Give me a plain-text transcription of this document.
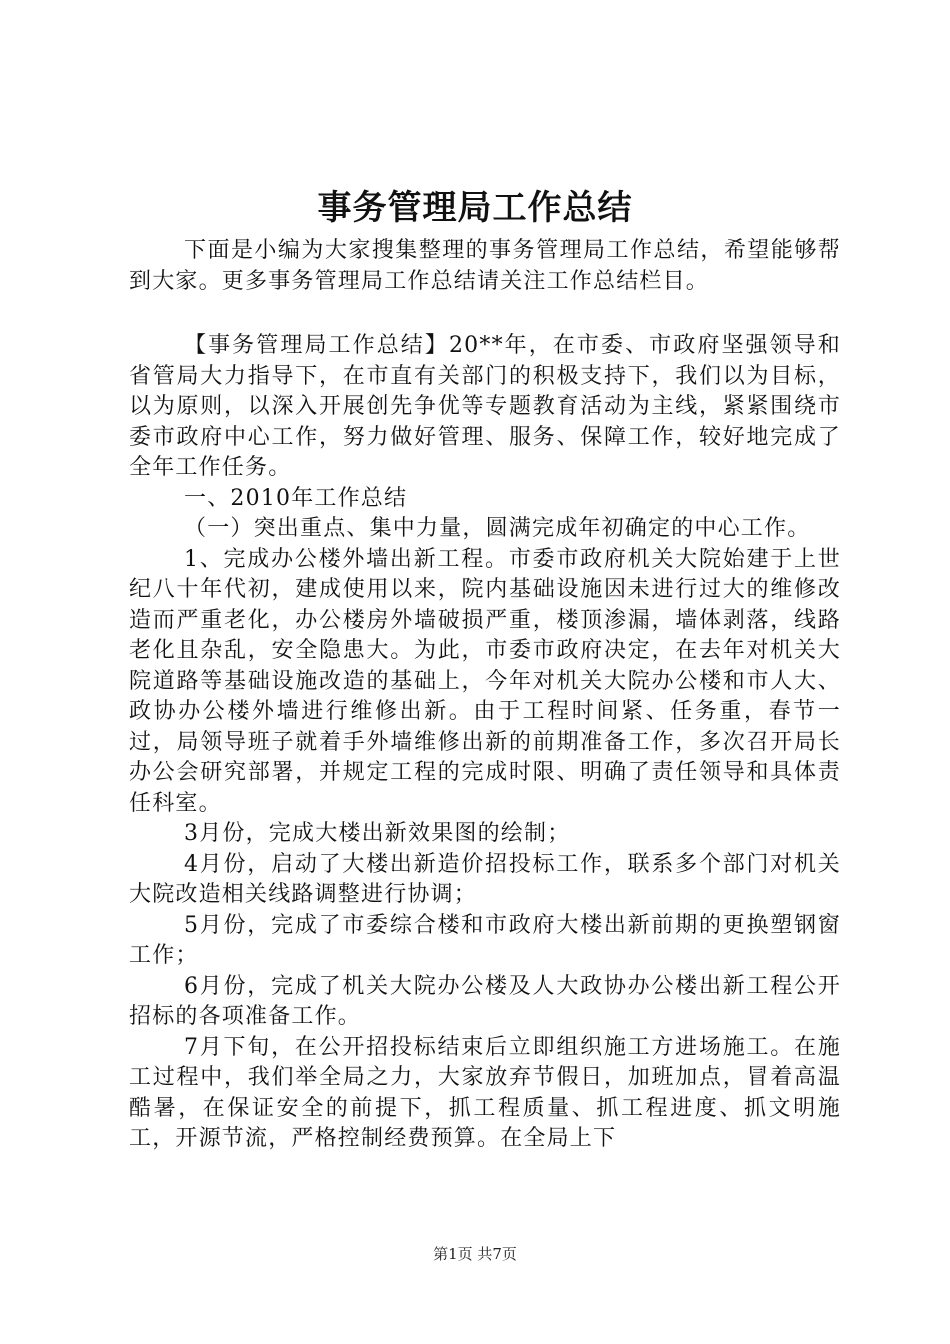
事务管理局工作总结

下面是小编为大家搜集整理的事务管理局工作总结，希望能够帮到大家。更多事务管理局工作总结请关注工作总结栏目。

【事务管理局工作总结】20**年，在市委、市政府坚强领导和省管局大力指导下，在市直有关部门的积极支持下，我们以为目标，以为原则，以深入开展创先争优等专题教育活动为主线，紧紧围绕市委市政府中心工作，努力做好管理、服务、保障工作，较好地完成了全年工作任务。

一、2010年工作总结

（一）突出重点、集中力量，圆满完成年初确定的中心工作。

1、完成办公楼外墙出新工程。市委市政府机关大院始建于上世纪八十年代初，建成使用以来，院内基础设施因未进行过大的维修改造而严重老化，办公楼房外墙破损严重，楼顶渗漏，墙体剥落，线路老化且杂乱，安全隐患大。为此，市委市政府决定，在去年对机关大院道路等基础设施改造的基础上，今年对机关大院办公楼和市人大、政协办公楼外墙进行维修出新。由于工程时间紧、任务重，春节一过，局领导班子就着手外墙维修出新的前期准备工作，多次召开局长办公会研究部署，并规定工程的完成时限、明确了责任领导和具体责任科室。

3月份，完成大楼出新效果图的绘制；

4月份，启动了大楼出新造价招投标工作，联系多个部门对机关大院改造相关线路调整进行协调；

5月份，完成了市委综合楼和市政府大楼出新前期的更换塑钢窗工作；

6月份，完成了机关大院办公楼及人大政协办公楼出新工程公开招标的各项准备工作。

7月下旬，在公开招投标结束后立即组织施工方进场施工。在施工过程中，我们举全局之力，大家放弃节假日，加班加点，冒着高温酷暑，在保证安全的前提下，抓工程质量、抓工程进度、抓文明施工，开源节流，严格控制经费预算。在全局上下

第1页 共7页
